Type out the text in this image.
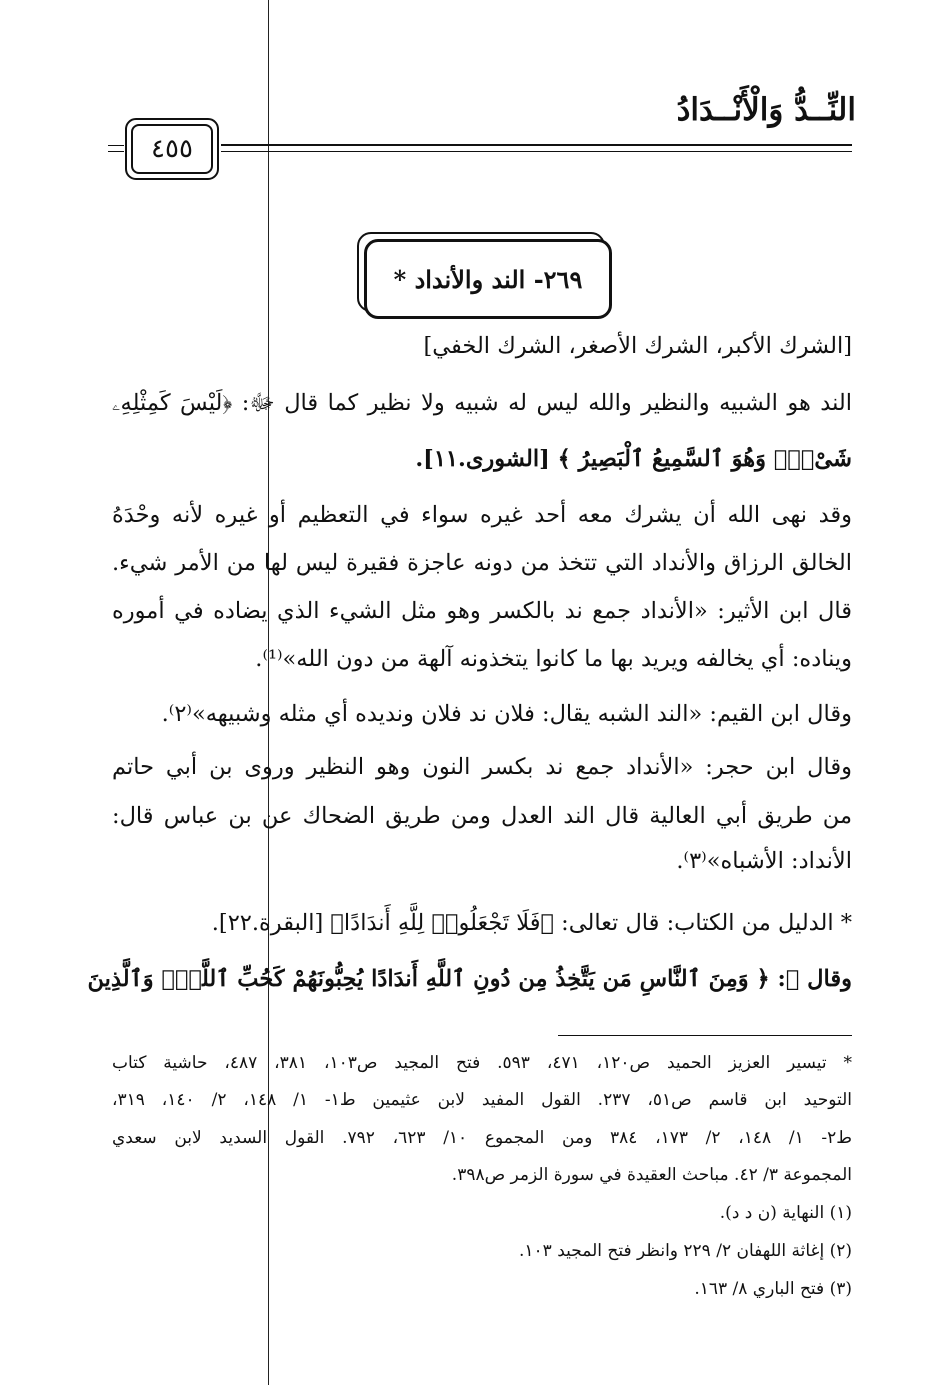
النِّــدُّ وَالْأَنْــدَادُ
٤٥٥
٢٦٩- الند والأنداد *
[الشرك الأكبر، الشرك الأصغر، الشرك الخفي]
الند هو الشبيه والنظير والله ليس له شبيه ولا نظير كما قال ﷻ: ﴿لَيْسَ كَمِثْلِهِۦ
شَىْءٌۖ وَهُوَ ٱلسَّمِيعُ ٱلْبَصِيرُ ﴾ [الشورى.١١].
وقد نهى الله أن يشرك معه أحد غيره سواء في التعظيم أو غيره لأنه وحْدَهُ
الخالق الرزاق والأنداد التي تتخذ من دونه عاجزة فقيرة ليس لها من الأمر شيء.
قال ابن الأثير: «الأنداد جمع ند بالكسر وهو مثل الشيء الذي يضاده في أموره
ويناده: أي يخالفه ويريد بها ما كانوا يتخذونه آلهة من دون الله»⁽¹⁾.
وقال ابن القيم: «الند الشبه يقال: فلان ند فلان ونديده أي مثله وشبيهه»⁽٢⁾.
وقال ابن حجر: «الأنداد جمع ند بكسر النون وهو النظير وروى بن أبي حاتم
من طريق أبي العالية قال الند العدل ومن طريق الضحاك عن بن عباس قال:
الأنداد: الأشباه»⁽٣⁾.
* الدليل من الكتاب: قال تعالى: ﴿فَلَا تَجْعَلُوا۟ لِلَّهِ أَندَادًا﴾ [البقرة.٢٢].
وقال ﷻ: ﴿ وَمِنَ ٱلنَّاسِ مَن يَتَّخِذُ مِن دُونِ ٱللَّهِ أَندَادًا يُحِبُّونَهُمْ كَحُبِّ ٱللَّهِۖ وَٱلَّذِينَ
* تيسير العزيز الحميد ص١٢٠، ٤٧١، ٥٩٣. فتح المجيد ص١٠٣، ٣٨١، ٤٨٧، حاشية كتاب
التوحيد ابن قاسم ص٥١، ٢٣٧. القول المفيد لابن عثيمين ط١- ١/ ١٤٨، ٢/ ١٤٠، ٣١٩،
ط٢- ١/ ١٤٨، ٢/ ١٧٣، ٣٨٤ ومن المجموع ١٠/ ٦٢٣، ٧٩٢. القول السديد لابن سعدي
المجموعة ٣/ ٤٢. مباحث العقيدة في سورة الزمر ص٣٩٨.
(١) النهاية (ن د د).
(٢) إغاثة اللهفان ٢/ ٢٢٩ وانظر فتح المجيد ١٠٣.
(٣) فتح الباري ٨/ ١٦٣.
